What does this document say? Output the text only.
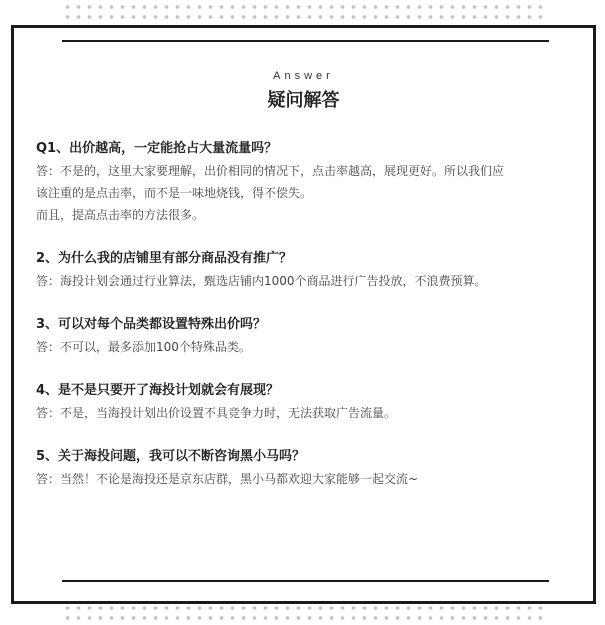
Answer
疑问解答
Q1、出价越高，一定能抢占大量流量吗？
答：不是的，这里大家要理解，出价相同的情况下，点击率越高，展现更好。所以我们应
该注重的是点击率，而不是一味地烧钱，得不偿失。
而且，提高点击率的方法很多。
2、为什么我的店铺里有部分商品没有推广？
答：海投计划会通过行业算法，甄选店铺内1000个商品进行广告投放，不浪费预算。
3、可以对每个品类都设置特殊出价吗？
答：不可以，最多添加100个特殊品类。
4、是不是只要开了海投计划就会有展现？
答：不是，当海投计划出价设置不具竞争力时，无法获取广告流量。
5、关于海投问题，我可以不断咨询黑小马吗？
答：当然！不论是海投还是京东店群，黑小马都欢迎大家能够一起交流~
